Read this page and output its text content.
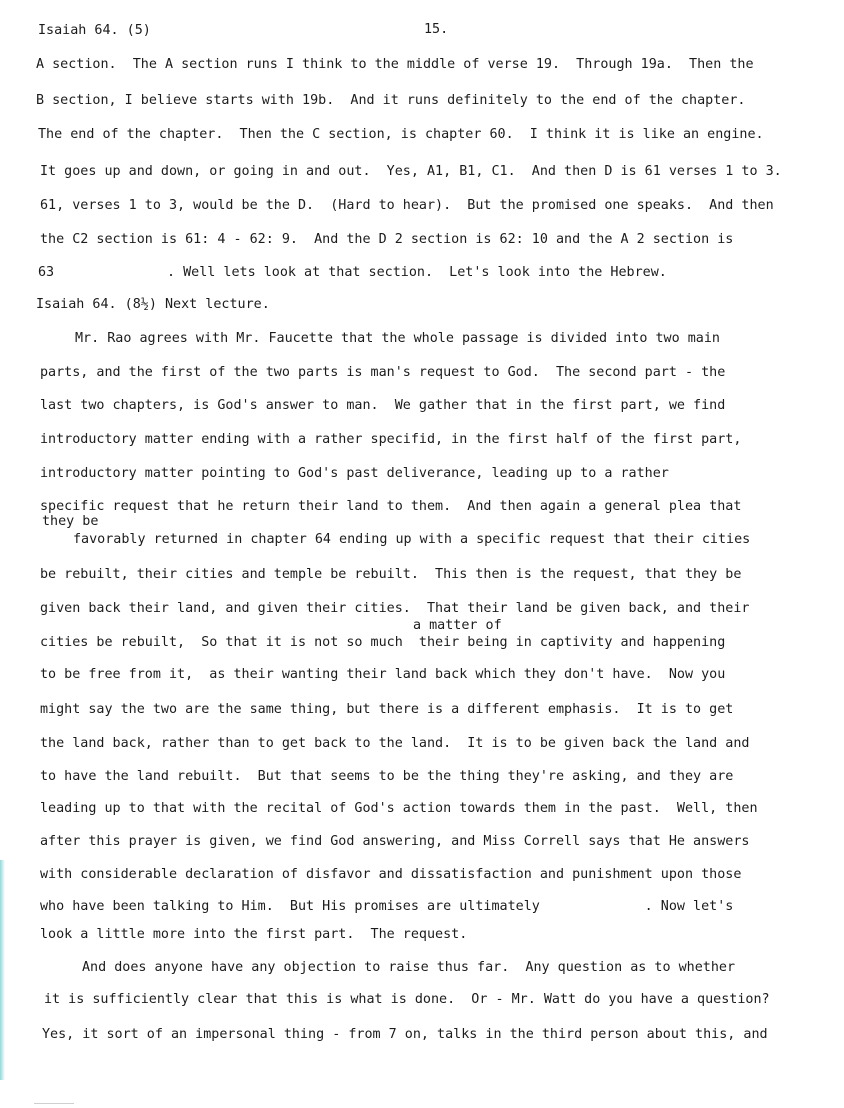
Isaiah 64. (5)	15.
A section.  The A section runs I think to the middle of verse 19.  Through 19a.  Then the
B section, I believe starts with 19b.  And it runs definitely to the end of the chapter.
The end of the chapter.  Then the C section, is chapter 60.  I think it is like an engine.
It goes up and down, or going in and out.  Yes, A1, B1, C1.  And then D is 61 verses 1 to 3.
61, verses 1 to 3, would be the D.  (Hard to hear).  But the promised one speaks.  And then
the C2 section is 61: 4 - 62: 9.  And the D 2 section is 62: 10 and the A 2 section is
63              . Well lets look at that section.  Let's look into the Hebrew.
Isaiah 64. (8½) Next lecture.
Mr. Rao agrees with Mr. Faucette that the whole passage is divided into two main
parts, and the first of the two parts is man's request to God.  The second part - the
last two chapters, is God's answer to man.  We gather that in the first part, we find
introductory matter ending with a rather specifid, in the first half of the first part,
introductory matter pointing to God's past deliverance, leading up to a rather
specific request that he return their land to them.  And then again a general plea that
they be
favorably returned in chapter 64 ending up with a specific request that their cities
be rebuilt, their cities and temple be rebuilt.  This then is the request, that they be
given back their land, and given their cities.  That their land be given back, and their
a matter of
cities be rebuilt,  So that it is not so much  their being in captivity and happening
to be free from it,  as their wanting their land back which they don't have.  Now you
might say the two are the same thing, but there is a different emphasis.  It is to get
the land back, rather than to get back to the land.  It is to be given back the land and
to have the land rebuilt.  But that seems to be the thing they're asking, and they are
leading up to that with the recital of God's action towards them in the past.  Well, then
after this prayer is given, we find God answering, and Miss Correll says that He answers
with considerable declaration of disfavor and dissatisfaction and punishment upon those
who have been talking to Him.  But His promises are ultimately             . Now let's
look a little more into the first part.  The request.
And does anyone have any objection to raise thus far.  Any question as to whether
it is sufficiently clear that this is what is done.  Or - Mr. Watt do you have a question?
Yes, it sort of an impersonal thing - from 7 on, talks in the third person about this, and
